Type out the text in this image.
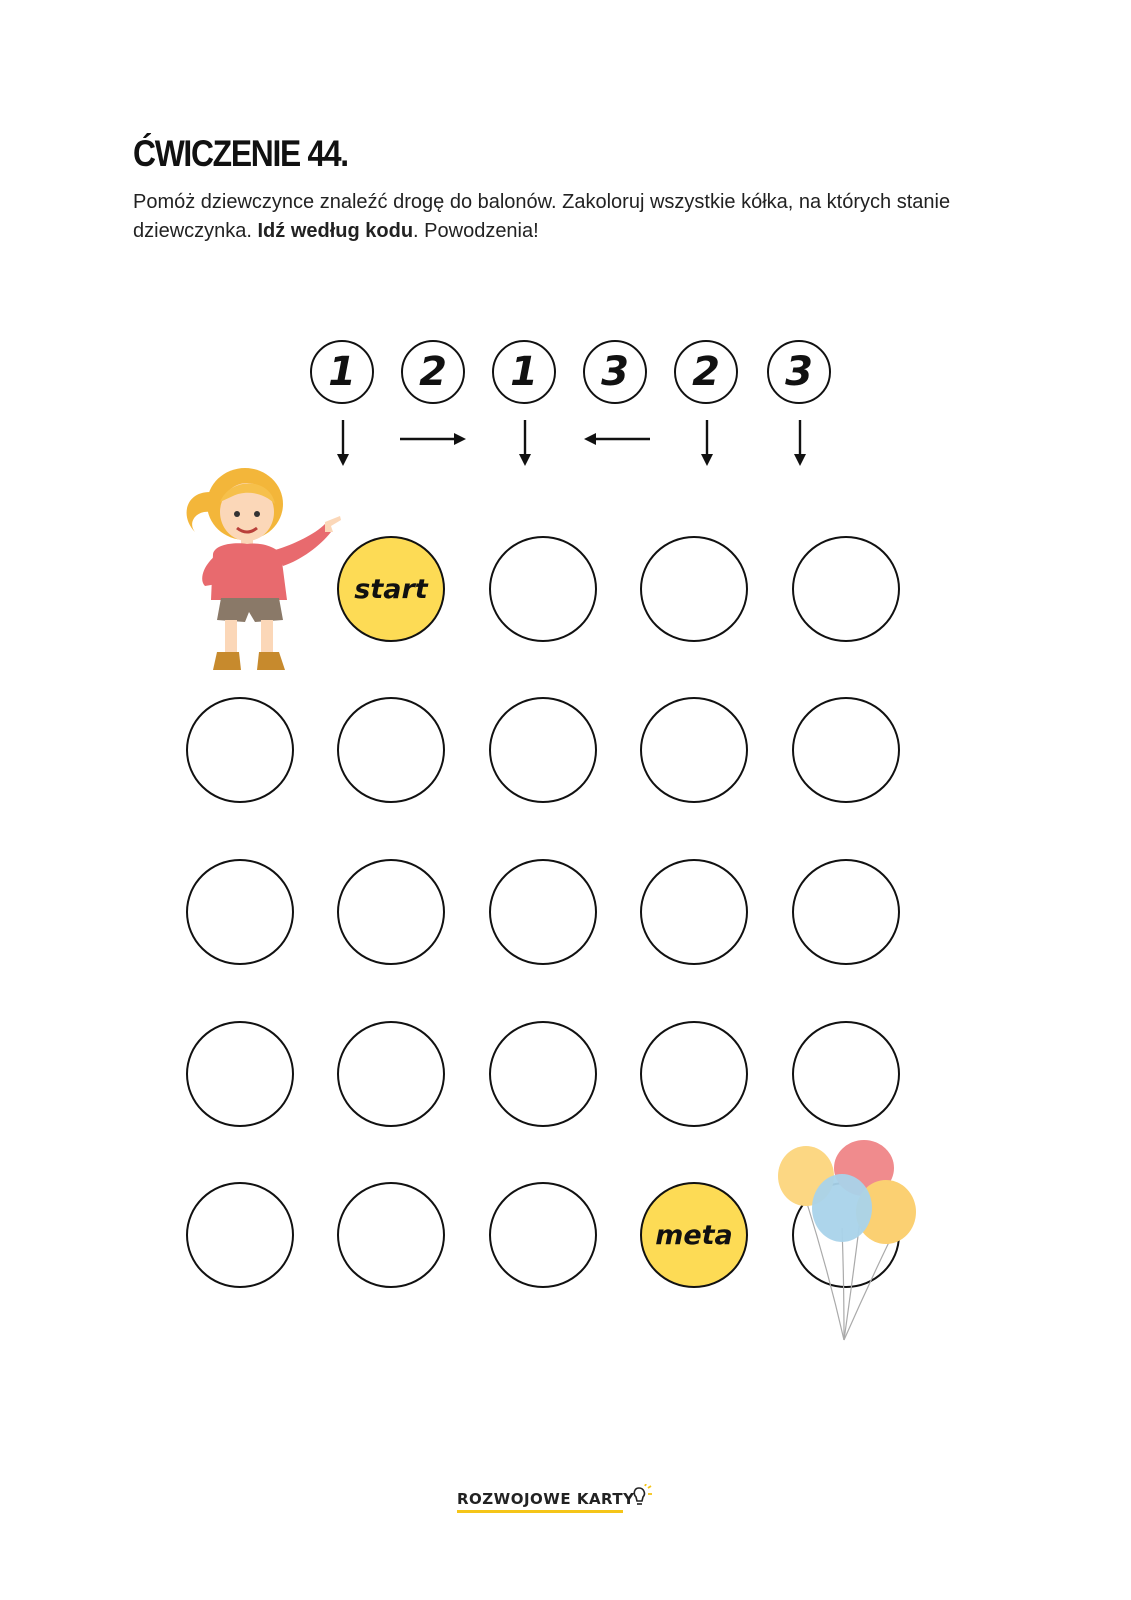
ĆWICZENIE 44.
Pomóż dziewczynce znaleźć drogę do balonów. Zakoloruj wszystkie kółka, na których stanie dziewczynka. Idź według kodu. Powodzenia!
1	2	1	3	2	3
start
meta
ROZWOJOWE KARTY
